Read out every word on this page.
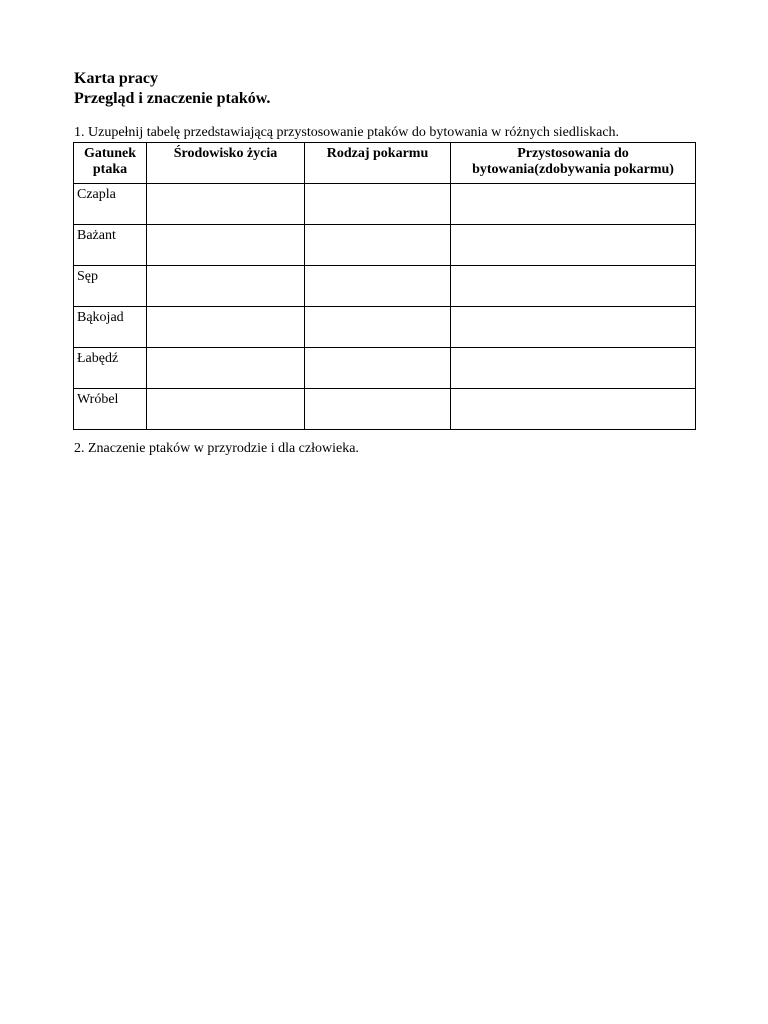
Karta pracy

Przegląd i znaczenie ptaków.

1. Uzupełnij tabelę przedstawiającą przystosowanie ptaków do bytowania w różnych siedliskach.

Gatunek ptaka	Środowisko życia	Rodzaj pokarmu	Przystosowania do bytowania(zdobywania pokarmu)
Czapla			
Bażant			
Sęp			
Bąkojad			
Łabędź			
Wróbel			

2. Znaczenie ptaków w przyrodzie i dla człowieka.
